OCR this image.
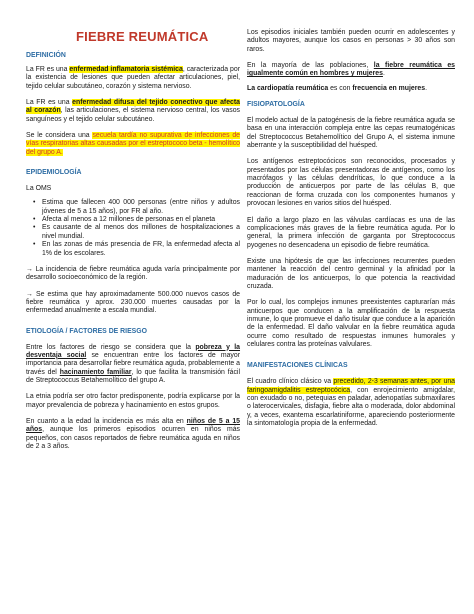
FIEBRE REUMÁTICA
DEFINICIÓN

La FR es una enfermedad inflamatoria sistémica, caracterizada por la existencia de lesiones que pueden afectar articulaciones, piel, tejido celular subcutáneo, corazón y sistema nervioso.

La FR es una enfermedad difusa del tejido conectivo que afecta al corazón, las articulaciones, el sistema nervioso central, los vasos sanguíneos y el tejido celular subcutáneo.

Se le considera una secuela tardía no supurativa de infecciones de vías respiratorias altas causadas por el estreptococo beta - hemolítico del grupo A.

EPIDEMIOLOGÍA

La OMS

• Estima que fallecen 400 000 personas (entre niños y adultos jóvenes de 5 a 15 años), por FR al año.
• Afecta al menos a 12 millones de personas en el planeta
• Es causante de al menos dos millones de hospitalizaciones a nivel mundial.
• En las zonas de más presencia de FR, la enfermedad afecta al 1% de los escolares.

→ La incidencia de fiebre reumática aguda varía principalmente por desarrollo socioeconómico de la región.

→ Se estima que hay aproximadamente 500.000 nuevos casos de fiebre reumática y aprox. 230.000 muertes causadas por la enfermedad anualmente a escala mundial.

ETIOLOGÍA / FACTORES DE RIESGO

Entre los factores de riesgo se considera que la pobreza y la desventaja social se encuentran entre los factores de mayor importancia para desarrollar fiebre reumática aguda, probablemente a través del hacinamiento familiar, lo que facilita la transmisión fácil de Streptococcus Betahemolítico del grupo A.

La etnia podría ser otro factor predisponente, podría explicarse por la mayor prevalencia de pobreza y hacinamiento en estos grupos.

En cuanto a la edad la incidencia es más alta en niños de 5 a 15 años, aunque los primeros episodios ocurren en niños más pequeños, con casos reportados de fiebre reumática aguda en niños de 2 a 3 años.

Los episodios iniciales también pueden ocurrir en adolescentes y adultos mayores, aunque los casos en personas > 30 años son raros.

En la mayoría de las poblaciones, la fiebre reumática es igualmente común en hombres y mujeres.

La cardiopatía reumática es con frecuencia en mujeres.

FISIOPATOLOGÍA

El modelo actual de la patogénesis de la fiebre reumática aguda se basa en una interacción compleja entre las cepas reumatogénicas del Streptococcus Betahemolítico del Grupo A, el sistema inmune aberrante y la susceptibilidad del huésped.

Los antígenos estreptocócicos son reconocidos, procesados y presentados por las células presentadoras de antígenos, como los macrófagos y las células dendríticas, lo que conduce a la producción de anticuerpos por parte de las células B, que reaccionan de forma cruzada con los componentes humanos y provocan lesiones en varios sitios del huésped.

El daño a largo plazo en las válvulas cardíacas es una de las complicaciones más graves de la fiebre reumática aguda. Por lo general, la primera infección de garganta por Streptococcus pyogenes no desencadena un episodio de fiebre reumática.

Existe una hipótesis de que las infecciones recurrentes pueden mantener la reacción del centro germinal y la afinidad por la maduración de los anticuerpos, lo que potencia la reactividad cruzada.

Por lo cual, los complejos inmunes preexistentes capturarían más anticuerpos que conducen a la amplificación de la respuesta inmune, lo que promueve el daño tisular que conduce a la aparición de la enfermedad. El daño valvular en la fiebre reumática aguda ocurre como resultado de respuestas inmunes humorales y celulares contra las proteínas valvulares.

MANIFESTACIONES CLÍNICAS

El cuadro clínico clásico va precedido, 2-3 semanas antes, por una faringoamigdalitis estreptocócica, con enrojecimiento amigdalar, con exudado o no, petequias en paladar, adenopatías submaxilares o laterocervicales, disfagia, fiebre alta o moderada, dolor abdominal y, a veces, exantema escarlatiniforme, apareciendo posteriormente la sintomatología propia de la enfermedad.
